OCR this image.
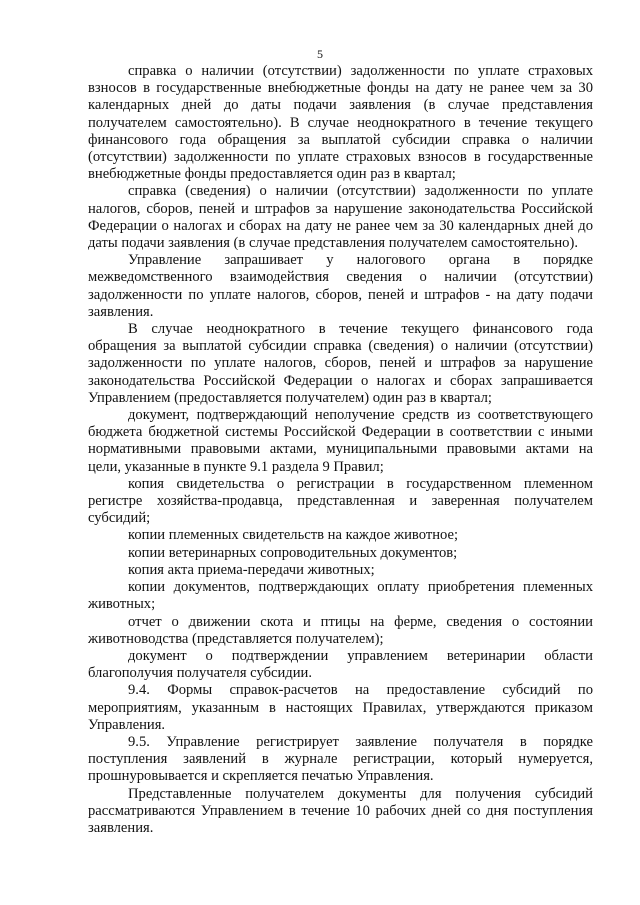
5

справка о наличии (отсутствии) задолженности по уплате страховых взносов в государственные внебюджетные фонды на дату не ранее чем за 30 календарных дней до даты подачи заявления (в случае представления получателем самостоятельно). В случае неоднократного в течение текущего финансового года обращения за выплатой субсидии справка о наличии (отсутствии) задолженности по уплате страховых взносов в государственные внебюджетные фонды предоставляется один раз в квартал;

справка (сведения) о наличии (отсутствии) задолженности по уплате налогов, сборов, пеней и штрафов за нарушение законодательства Российской Федерации о налогах и сборах на дату не ранее чем за 30 календарных дней до даты подачи заявления (в случае представления получателем самостоятельно).

Управление запрашивает у налогового органа в порядке межведомственного взаимодействия сведения о наличии (отсутствии) задолженности по уплате налогов, сборов, пеней и штрафов - на дату подачи заявления.

В случае неоднократного в течение текущего финансового года обращения за выплатой субсидии справка (сведения) о наличии (отсутствии) задолженности по уплате налогов, сборов, пеней и штрафов за нарушение законодательства Российской Федерации о налогах и сборах запрашивается Управлением (предоставляется получателем) один раз в квартал;

документ, подтверждающий неполучение средств из соответствующего бюджета бюджетной системы Российской Федерации в соответствии с иными нормативными правовыми актами, муниципальными правовыми актами на цели, указанные в пункте 9.1 раздела 9 Правил;

копия свидетельства о регистрации в государственном племенном регистре хозяйства-продавца, представленная и заверенная получателем субсидий;

копии племенных свидетельств на каждое животное;

копии ветеринарных сопроводительных документов;

копия акта приема-передачи животных;

копии документов, подтверждающих оплату приобретения племенных животных;

отчет о движении скота и птицы на ферме, сведения о состоянии животноводства (представляется получателем);

документ о подтверждении управлением ветеринарии области благополучия получателя субсидии.

9.4. Формы справок-расчетов на предоставление субсидий по мероприятиям, указанным в настоящих Правилах, утверждаются приказом Управления.

9.5. Управление регистрирует заявление получателя в порядке поступления заявлений в журнале регистрации, который нумеруется, прошнуровывается и скрепляется печатью Управления.

Представленные получателем документы для получения субсидий рассматриваются Управлением в течение 10 рабочих дней со дня поступления заявления.
